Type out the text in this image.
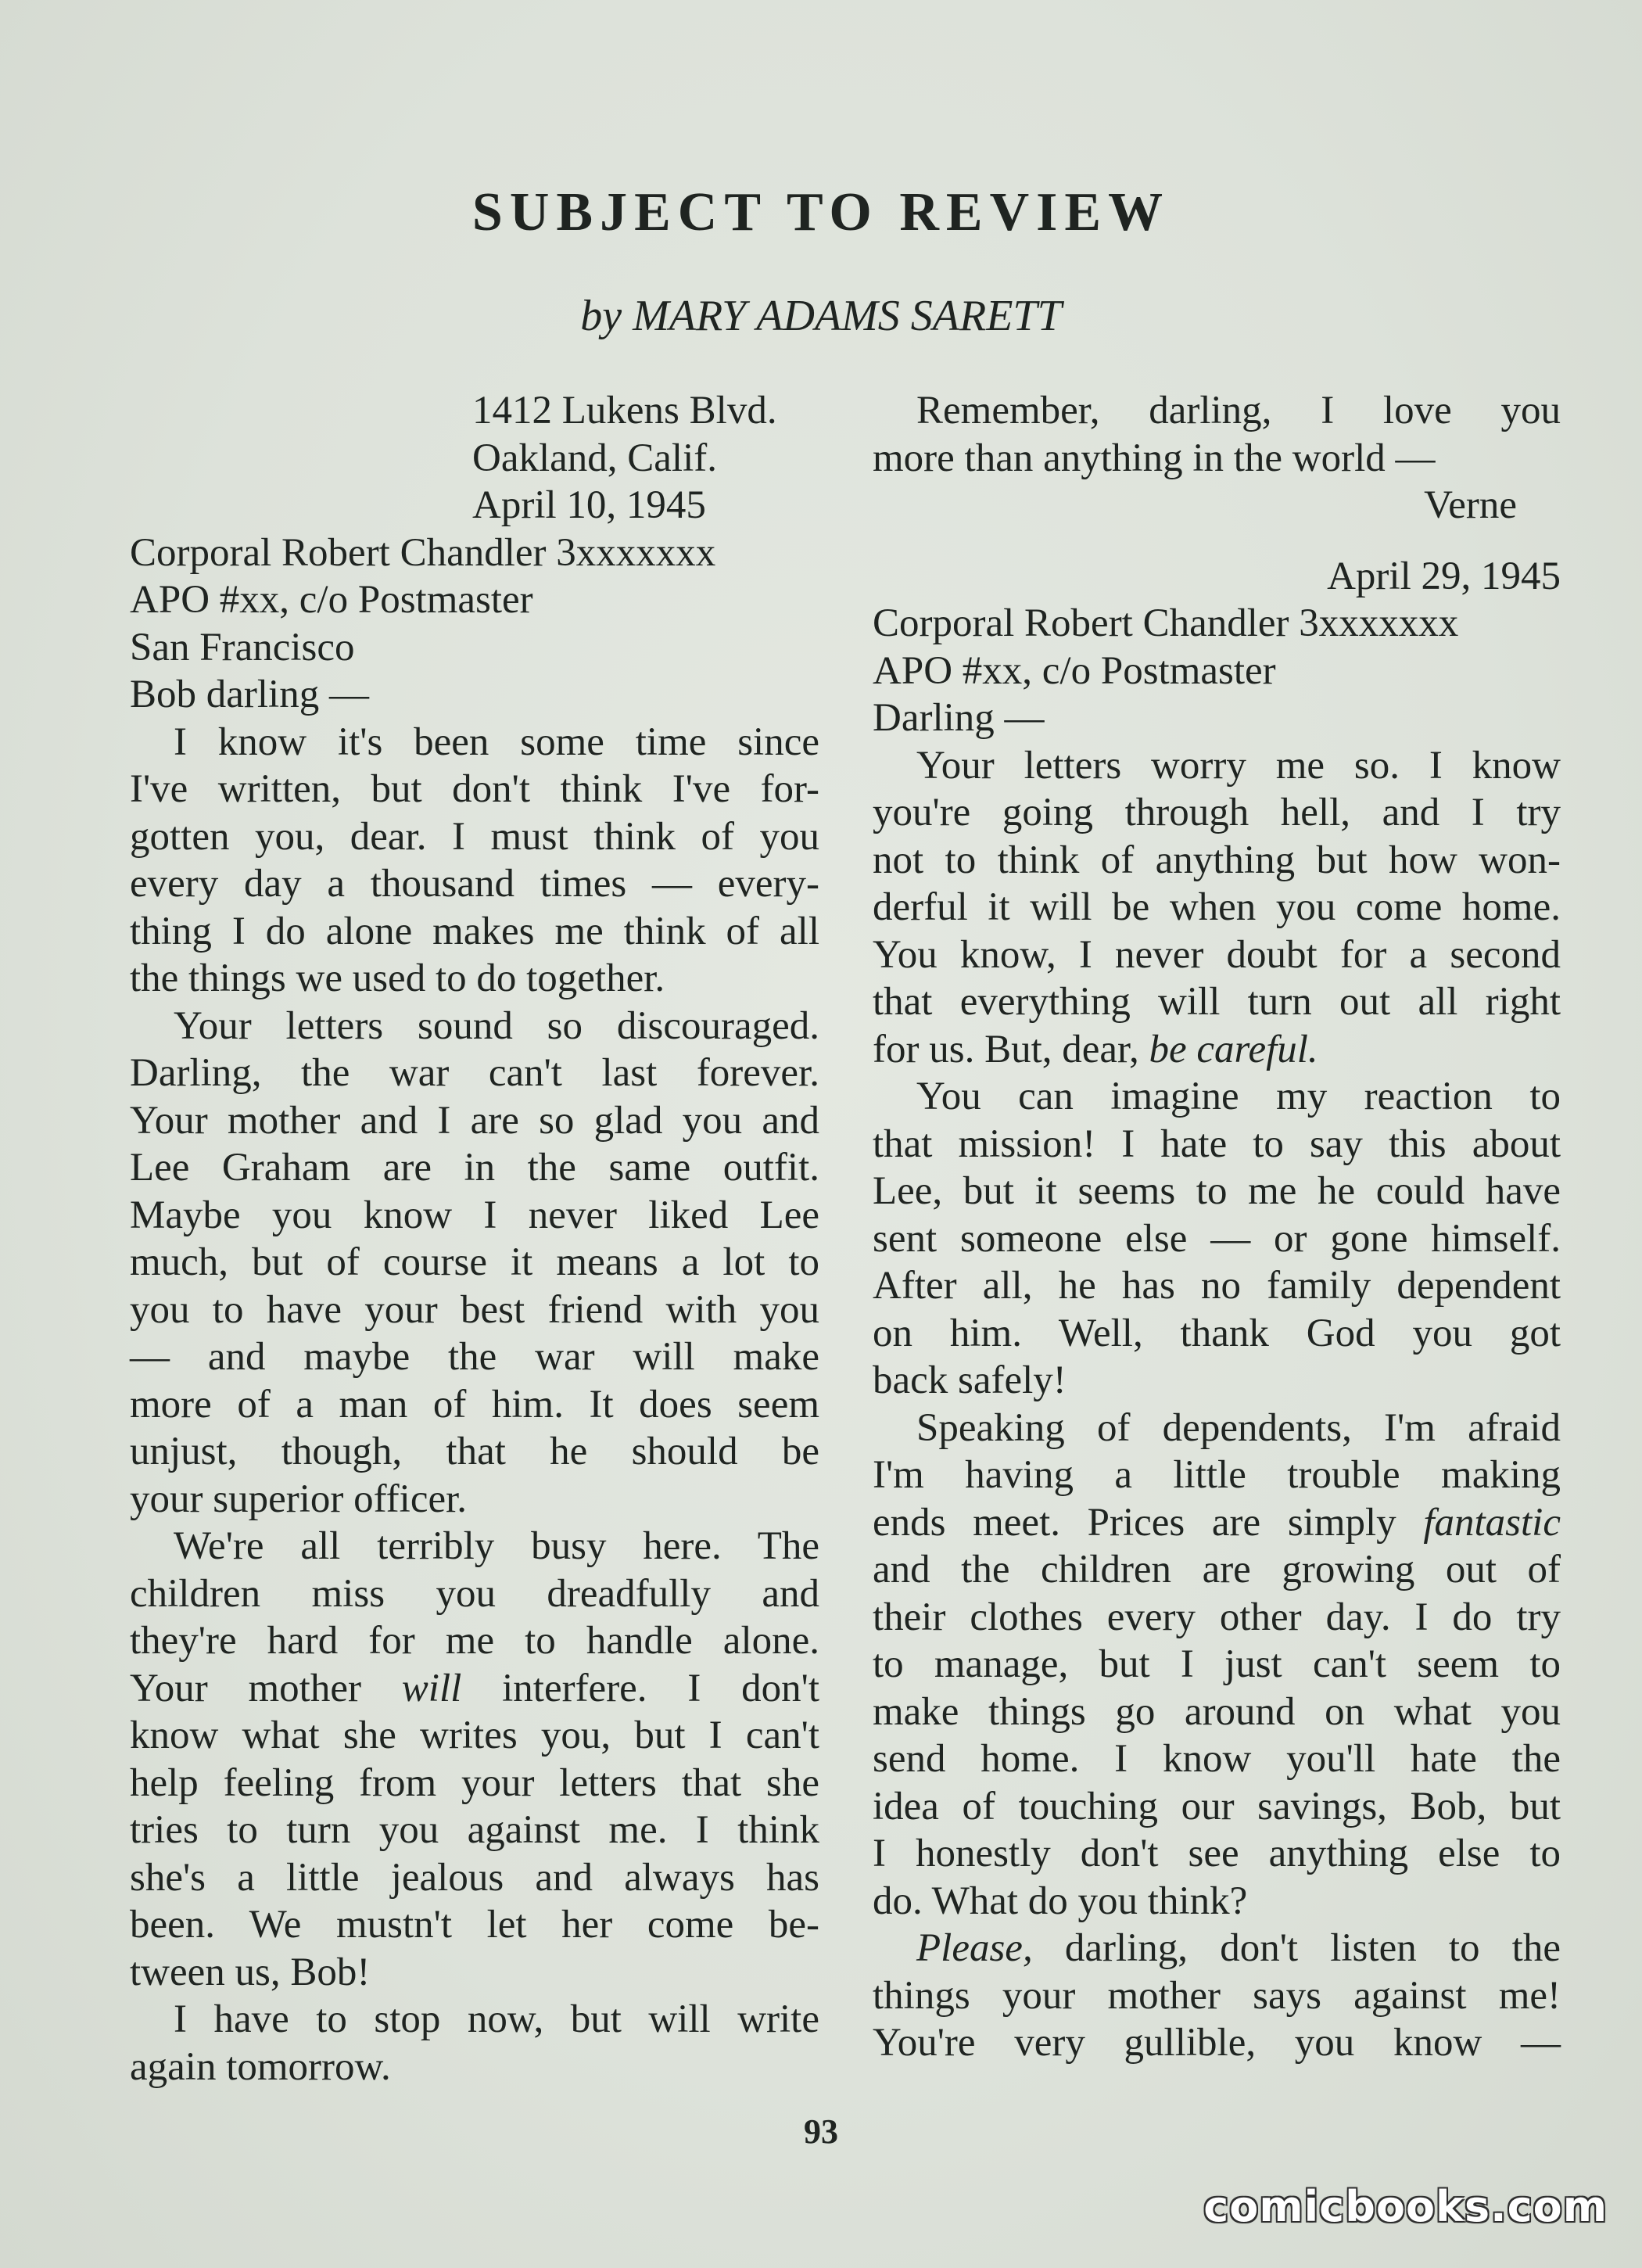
SUBJECT TO REVIEW
by MARY ADAMS SARETT
1412 Lukens Blvd.
Oakland, Calif.
April 10, 1945
Corporal Robert Chandler 3xxxxxxx
APO #xx, c/o Postmaster
San Francisco
Bob darling —
I know it's been some time since
I've written, but don't think I've for-
gotten you, dear. I must think of you
every day a thousand times — every-
thing I do alone makes me think of all
the things we used to do together.
Your letters sound so discouraged.
Darling, the war can't last forever.
Your mother and I are so glad you and
Lee Graham are in the same outfit.
Maybe you know I never liked Lee
much, but of course it means a lot to
you to have your best friend with you
— and maybe the war will make
more of a man of him. It does seem
unjust, though, that he should be
your superior officer.
We're all terribly busy here. The
children miss you dreadfully and
they're hard for me to handle alone.
Your mother will interfere. I don't
know what she writes you, but I can't
help feeling from your letters that she
tries to turn you against me. I think
she's a little jealous and always has
been. We mustn't let her come be-
tween us, Bob!
I have to stop now, but will write
again tomorrow.
Remember, darling, I love you
more than anything in the world —
Verne
April 29, 1945
Corporal Robert Chandler 3xxxxxxx
APO #xx, c/o Postmaster
Darling —
Your letters worry me so. I know
you're going through hell, and I try
not to think of anything but how won-
derful it will be when you come home.
You know, I never doubt for a second
that everything will turn out all right
for us. But, dear, be careful.
You can imagine my reaction to
that mission! I hate to say this about
Lee, but it seems to me he could have
sent someone else — or gone himself.
After all, he has no family dependent
on him. Well, thank God you got
back safely!
Speaking of dependents, I'm afraid
I'm having a little trouble making
ends meet. Prices are simply fantastic
and the children are growing out of
their clothes every other day. I do try
to manage, but I just can't seem to
make things go around on what you
send home. I know you'll hate the
idea of touching our savings, Bob, but
I honestly don't see anything else to
do. What do you think?
Please, darling, don't listen to the
things your mother says against me!
You're very gullible, you know —
93
comicbooks.com
